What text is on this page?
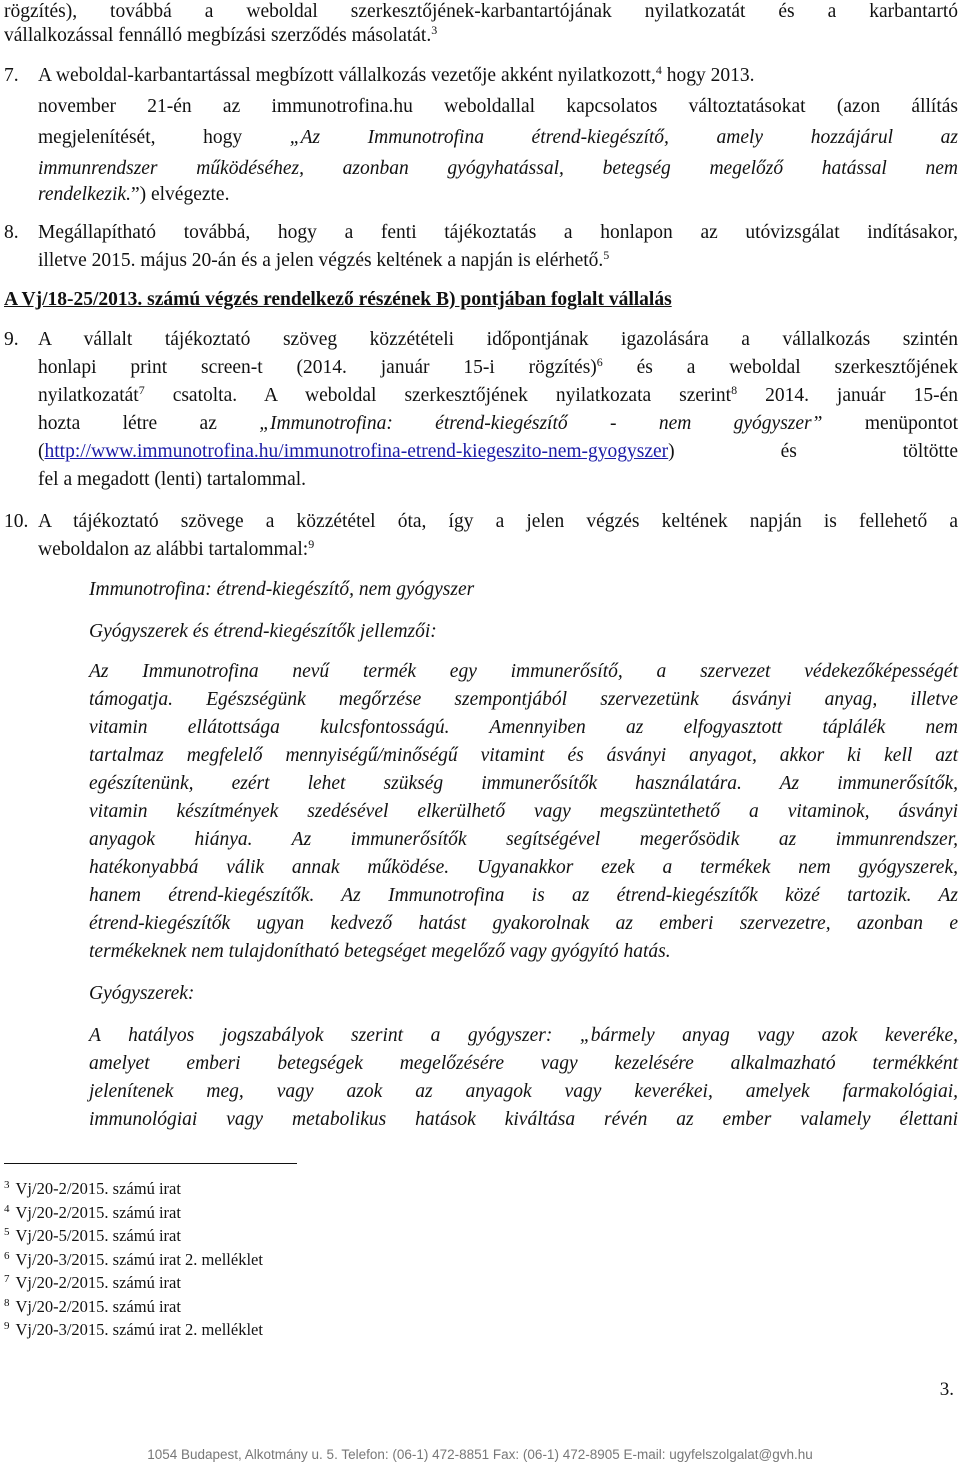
rögzítés), továbbá a weboldal szerkesztőjének-karbantartójának nyilatkozatát és a karbantartó
vállalkozással fennálló megbízási szerződés másolatát.$^3$
7. A weboldal-karbantartással megbízott vállalkozás vezetője akként nyilatkozott,$^4$ hogy 2013.
november 21-én az immunotrofina.hu weboldallal kapcsolatos változtatásokat (azon állítás
megjelenítését, hogy „Az Immunotrofina étrend-kiegészítő, amely hozzájárul az
immunrendszer működéséhez, azonban gyógyhatással, betegség megelőző hatással nem
rendelkezik.”) elvégezte.
8. Megállapítható továbbá, hogy a fenti tájékoztatás a honlapon az utóvizsgálat indításakor,
illetve 2015. május 20-án és a jelen végzés keltének a napján is elérhető.$^5$
A Vj/18-25/2013. számú végzés rendelkező részének B) pontjában foglalt vállalás
9. A vállalt tájékoztató szöveg közzétételi időpontjának igazolására a vállalkozás szintén
honlapi print screen-t (2014. január 15-i rögzítés)$^6$ és a weboldal szerkesztőjének
nyilatkozatát$^7$ csatolta. A weboldal szerkesztőjének nyilatkozata szerint$^8$ 2014. január 15-én
hozta létre az „Immunotrofina: étrend-kiegészítő - nem gyógyszer” menüpontot
(http://www.immunotrofina.hu/immunotrofina-etrend-kiegeszito-nem-gyogyszer) és töltötte
fel a megadott (lenti) tartalommal.
10. A tájékoztató szövege a közzététel óta, így a jelen végzés keltének napján is fellehető a
weboldalon az alábbi tartalommal:$^9$
Immunotrofina: étrend-kiegészítő, nem gyógyszer
Gyógyszerek és étrend-kiegészítők jellemzői:
Az Immunotrofina nevű termék egy immunerősítő, a szervezet védekezőképességét
támogatja. Egészségünk megőrzése szempontjából szervezetünk ásványi anyag, illetve
vitamin ellátottsága kulcsfontosságú. Amennyiben az elfogyasztott táplálék nem
tartalmaz megfelelő mennyiségű/minőségű vitamint és ásványi anyagot, akkor ki kell azt
egészítenünk, ezért lehet szükség immunerősítők használatára. Az immunerősítők,
vitamin készítmények szedésével elkerülhető vagy megszüntethető a vitaminok, ásványi
anyagok hiánya. Az immunerősítők segítségével megerősödik az immunrendszer,
hatékonyabbá válik annak működése. Ugyanakkor ezek a termékek nem gyógyszerek,
hanem étrend-kiegészítők. Az Immunotrofina is az étrend-kiegészítők közé tartozik. Az
étrend-kiegészítők ugyan kedvező hatást gyakorolnak az emberi szervezetre, azonban e
termékeknek nem tulajdonítható betegséget megelőző vagy gyógyító hatás.
Gyógyszerek:
A hatályos jogszabályok szerint a gyógyszer: „bármely anyag vagy azok keveréke,
amelyet emberi betegségek megelőzésére vagy kezelésére alkalmazható termékként
jelenítenek meg, vagy azok az anyagok vagy keverékei, amelyek farmakológiai,
immunológiai vagy metabolikus hatások kiváltása révén az ember valamely élettani
$^3$ Vj/20-2/2015. számú irat
$^4$ Vj/20-2/2015. számú irat
$^5$ Vj/20-5/2015. számú irat
$^6$ Vj/20-3/2015. számú irat 2. melléklet
$^7$ Vj/20-2/2015. számú irat
$^8$ Vj/20-2/2015. számú irat
$^9$ Vj/20-3/2015. számú irat 2. melléklet
3.
1054 Budapest, Alkotmány u. 5. Telefon: (06-1) 472-8851 Fax: (06-1) 472-8905 E-mail: ugyfelszolgalat@gvh.hu
